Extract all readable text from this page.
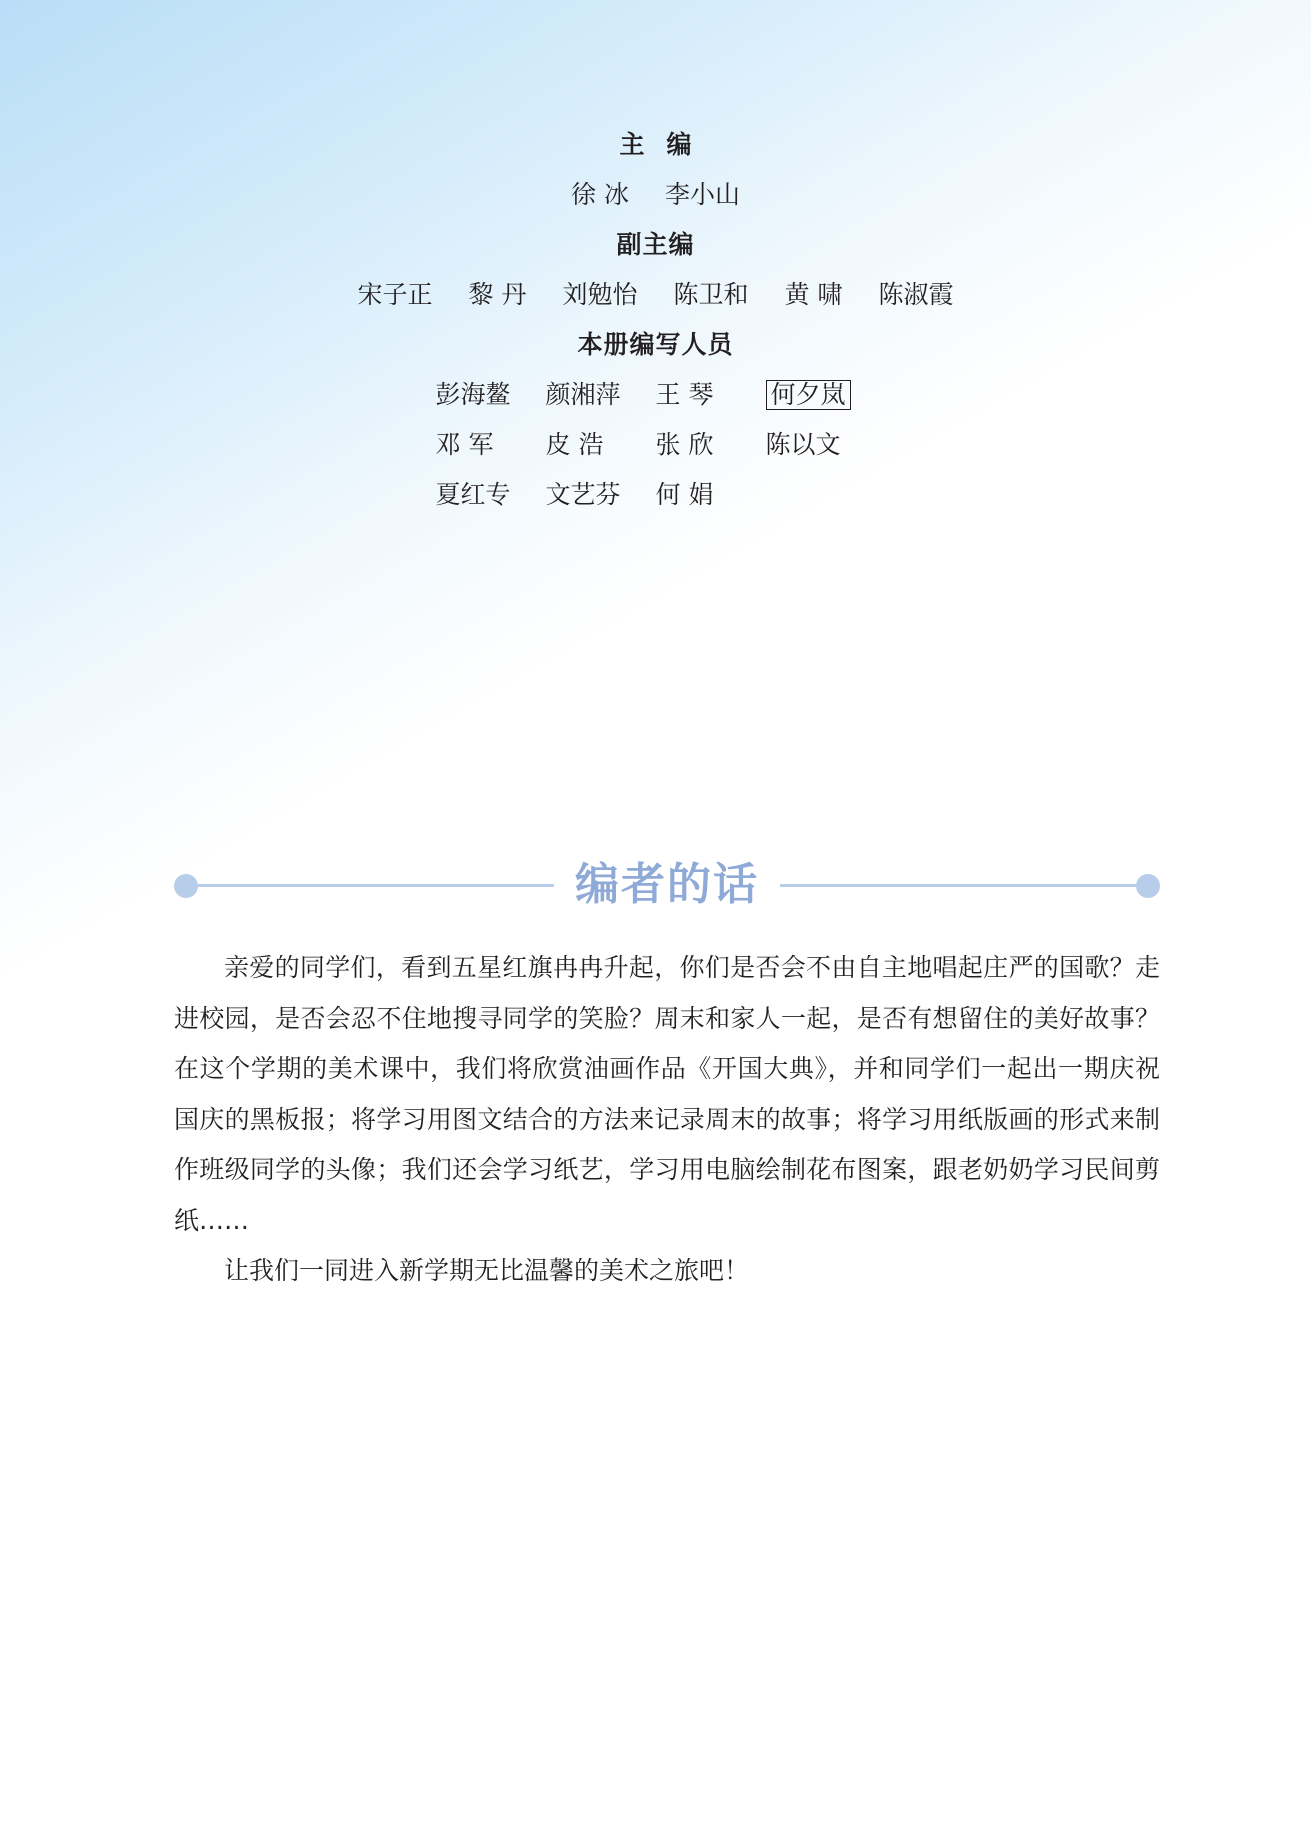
主编
徐 冰 李小山
副主编
宋子正 黎 丹 刘勉怡 陈卫和 黄 啸 陈淑霞
本册编写人员
彭海鳌	颜湘萍	王 琴	何夕岚
邓 军	皮 浩	张 欣	陈以文
夏红专	文艺芬	何 娟
编者的话

亲爱的同学们，看到五星红旗冉冉升起，你们是否会不由自主地唱起庄严的国歌？走进校园，是否会忍不住地搜寻同学的笑脸？周末和家人一起，是否有想留住的美好故事？在这个学期的美术课中，我们将欣赏油画作品《开国大典》，并和同学们一起出一期庆祝国庆的黑板报；将学习用图文结合的方法来记录周末的故事；将学习用纸版画的形式来制作班级同学的头像；我们还会学习纸艺，学习用电脑绘制花布图案，跟老奶奶学习民间剪纸……

让我们一同进入新学期无比温馨的美术之旅吧！
